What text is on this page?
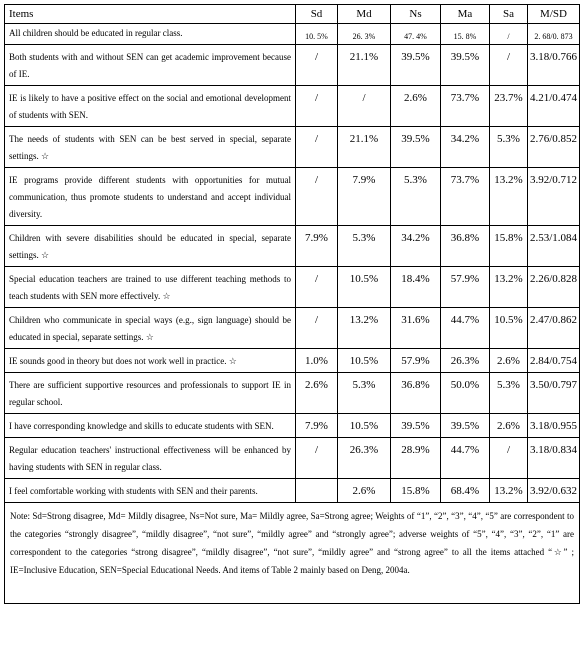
Items	Sd	Md	Ns	Ma	Sa	M/SD
All children should be educated in regular class.	10. 5%	26. 3%	47. 4%	15. 8%	/	2. 68/0. 873
Both students with and without SEN can get academic improvement because of IE.	/	21.1%	39.5%	39.5%	/	3.18/0.766
IE is likely to have a positive effect on the social and emotional development of students with SEN.	/	/	2.6%	73.7%	23.7%	4.21/0.474
The needs of students with SEN can be best served in special, separate settings. ☆	/	21.1%	39.5%	34.2%	5.3%	2.76/0.852
IE programs provide different students with opportunities for mutual communication, thus promote students to understand and accept individual diversity.	/	7.9%	5.3%	73.7%	13.2%	3.92/0.712
Children with severe disabilities should be educated in special, separate settings. ☆	7.9%	5.3%	34.2%	36.8%	15.8%	2.53/1.084
Special education teachers are trained to use different teaching methods to teach students with SEN more effectively. ☆	/	10.5%	18.4%	57.9%	13.2%	2.26/0.828
Children who communicate in special ways (e.g., sign language) should be educated in special, separate settings. ☆	/	13.2%	31.6%	44.7%	10.5%	2.47/0.862
IE sounds good in theory but does not work well in practice. ☆	1.0%	10.5%	57.9%	26.3%	2.6%	2.84/0.754
There are sufficient supportive resources and professionals to support IE in regular school.	2.6%	5.3%	36.8%	50.0%	5.3%	3.50/0.797
I have corresponding knowledge and skills to educate students with SEN.	7.9%	10.5%	39.5%	39.5%	2.6%	3.18/0.955
Regular education teachers' instructional effectiveness will be enhanced by having students with SEN in regular class.	/	26.3%	28.9%	44.7%	/	3.18/0.834
I feel comfortable working with students with SEN and their parents.		2.6%	15.8%	68.4%	13.2%	3.92/0.632

Note: Sd=Strong disagree, Md= Mildly disagree, Ns=Not sure, Ma= Mildly agree, Sa=Strong agree; Weights of “1”, “2”, “3”, “4”, “5” are correspondent to the categories “strongly disagree”, “mildly disagree”, “not sure”, “mildly agree” and “strongly agree”; adverse weights of “5”, “4”, “3”, “2”, “1” are correspondent to the categories “strong disagree”, “mildly disagree”, “not sure”, “mildly agree” and “strong agree” to all the items attached “☆” ; IE=Inclusive Education, SEN=Special Educational Needs. And items of Table 2 mainly based on Deng, 2004a.						
